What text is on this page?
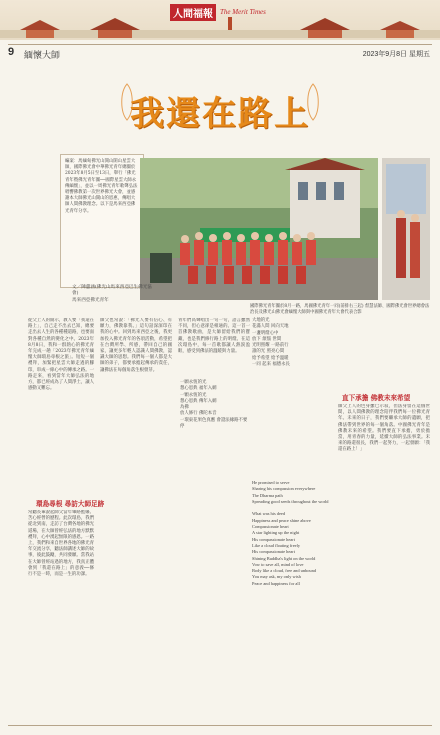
人間福報	The Merit Times
9 緬懷大師	2023年9月8日 星期五
我還在路上
編案：馬緬甸佛光山開山開山星雲大師，國際佛光會中華佛光青年總團於2023年8月5日至13日，舉行「佛光青年暨佛光青年團──國際星雲大師永傳緬懷」，並以一周佛光青年歌聲弘法唱響佛教第一次世界佛光大會，並感謝本大師佛光山開山的恩惠，傳唱大師人間佛教理念。以下是馬來西亞佛光青年分享。
文／陳蕙涵(佛光山馬來西亞巴生佛光協會)
馬來西亞佛光青年
國際佛光青年團於8月一路，馬國佛光青年一同(前排右三起) 督慧法師、國際佛光會世界總會法治長及佛光山佛光會緬懷大師與中國佛光青年大會代表合影
從父上人的開示，教人要「我還在路上」，自己走不出去已知，總要走出去人生的各種種道路，也要面對各種自然的變化之中。2023年8月8日，我和一群熱心的佛光青年完成一趟「2023年佛光青年緬懷大師環島尋根之旅」。短短一個禮拜，加緊把星雲大師走過的腳印，串成一條心中的傳承之路。一路走來，看到當年大師弘法的地方，都已經成為了人間淨土，讓人感動又難忘。
環島尋根 尋訪大師足跡
常聽長輩說起師父當年篳路藍縷、苦心經營的歷程。此次環島，我們從北到南，走訪了台灣各地的佛光道場，在大師曾經弘法的地方默默禮拜，心中湧起無限的感恩。一路上，我們和來自世界各地的佛光青年交流分享，聽法師講述大師的故事，彼此鼓勵，共同發願。當我站在大師曾經站過的地方，我真正體會到「我還在路上」的意義──修行不是一時，而是一生的功課。
師父也常說：「佛光人要有信心、有願力，佛教靠我。」這句話深深印在我的心中。回到馬來西亞之後，我更加投入佛光青年的各項活動，希望把在台灣所學、所感，帶回自己的國家，讓更多年輕人認識人間佛教，認識大師的思想。我們每一個人都是大師的弟子，都要承擔起傳承的責任，讓佛法在每個角落生根發芽。
青年們高聲唱出一句一句，語言雖然不同，但心意卻是相通的。這一首一首佛教歌曲，是大師留給我們的寶藏，也是我們修行路上的明燈。在這次環島中，每一首歌都讓人熱淚盈眶，感受到佛法的溫暖與力量。
一願永恆的光
想心恩典 福年入網
一顆永恆的光
想心恩典 傳年入網
為佛
放人修行 佛陀本音
一環東花果色真應 會證法緣路不要停
大地的光
花滿人間 回向天地
一盞明燈心中
放下 煩惱 世間
光明照耀 一路前行
誰的光 照亮心間
給予希望 給予溫暖
一同 起来 福德永長
He promised to serve
Sharing his compassion everywhere
The Dharma path
Spreading good seeds throughout the world

What was his deed
Happiness and peace shine above
Compassionate heart
A star lighting up the night
His compassionate heart
Like a cloud floating freely
His compassionate heart
Shining Buddha's light on the world
Vow to save all, mind of love
Body like a cloud, free and unbound
You may ask, my only wish
Peace and happiness for all
直下承擔 佛教未來希望
師父上人的色身雖已示寂，但法身留在這個世間，以人間佛教的理念陪伴我們每一位佛光青年。未來的日子，我們要繼承大師的遺願，把佛法帶到世界的每一個角落。中國佛光青年是佛教未來的希望。我們要直下承擔，勇於擔當，用青春的力量，延續大師的弘法事業。未來的路還很長，我們一起努力，一起發願：「我還在路上！」
